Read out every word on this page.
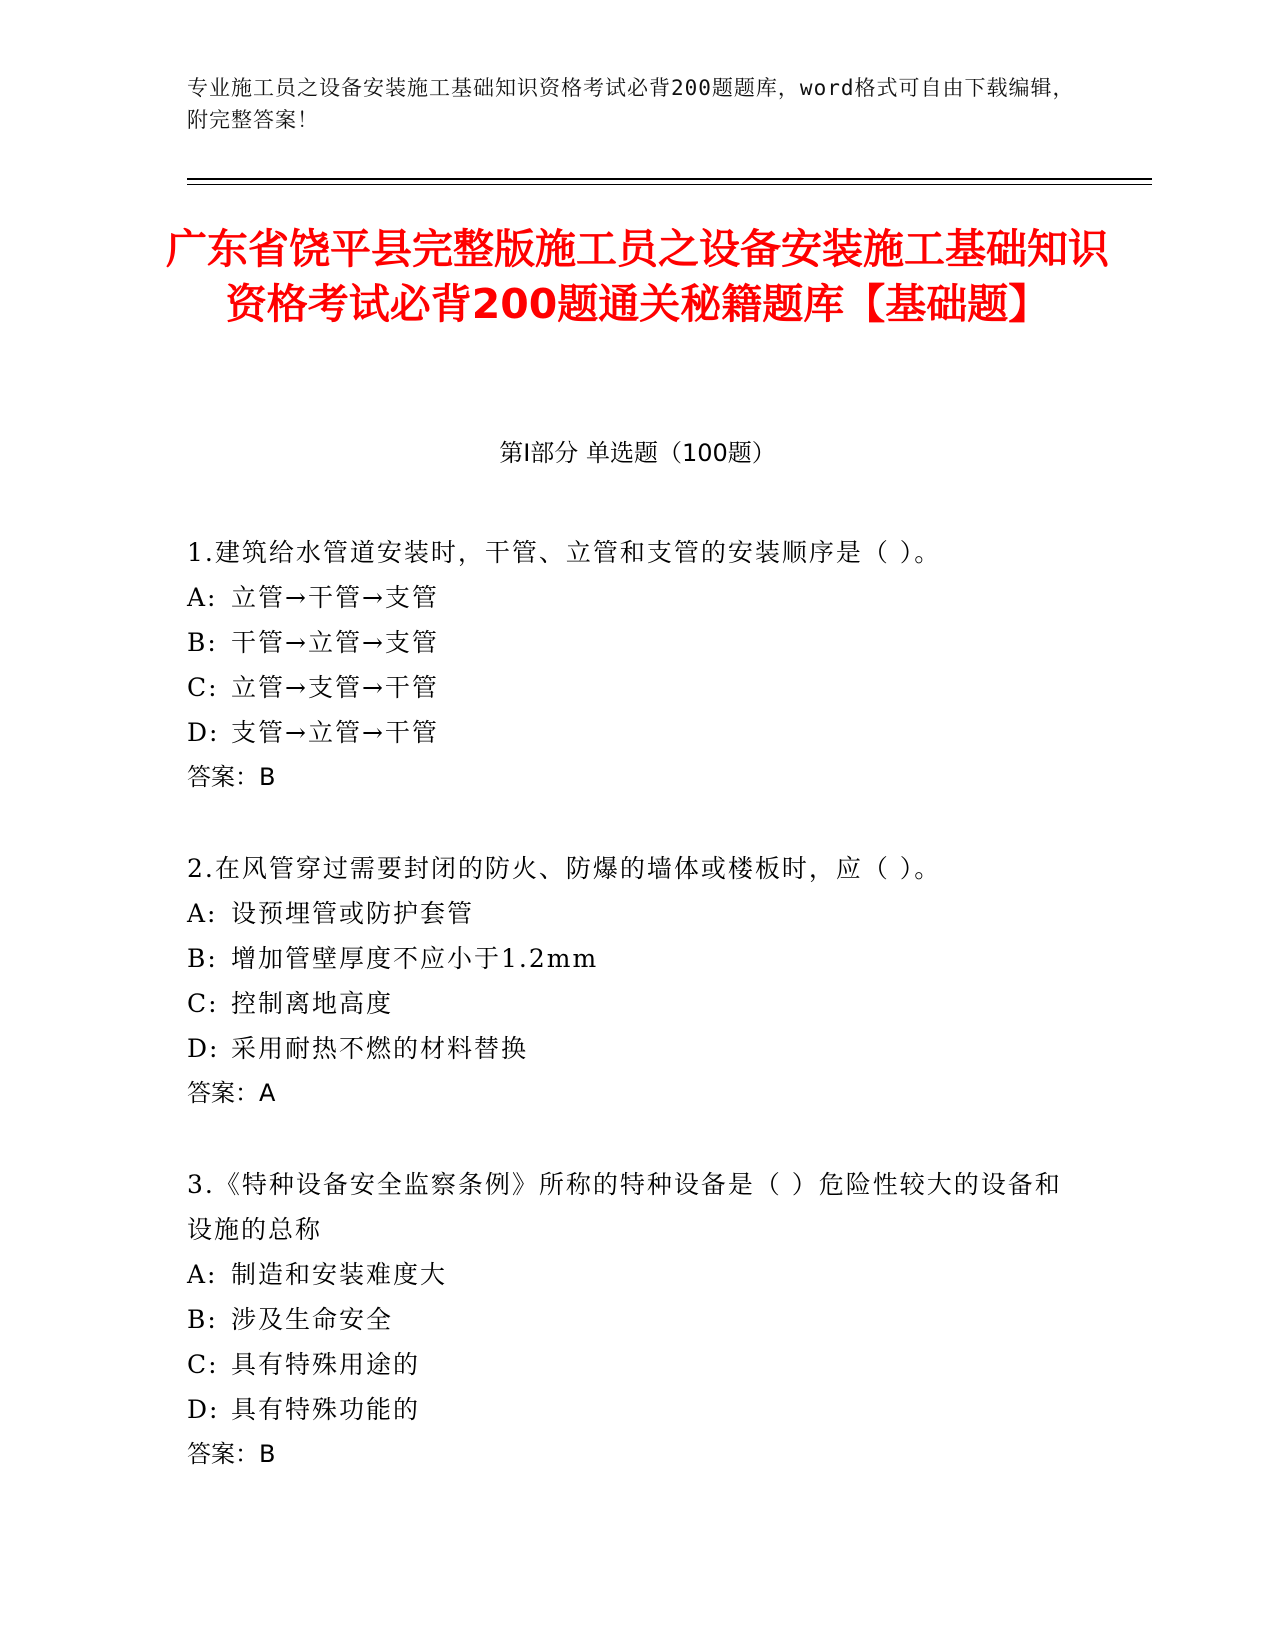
专业施工员之设备安装施工基础知识资格考试必背200题题库，word格式可自由下载编辑，附完整答案！
广东省饶平县完整版施工员之设备安装施工基础知识资格考试必背200题通关秘籍题库【基础题】
第Ⅰ部分 单选题（100题）
1.建筑给水管道安装时，干管、立管和支管的安装顺序是（ ）。
A: 立管→干管→支管
B: 干管→立管→支管
C: 立管→支管→干管
D: 支管→立管→干管
答案：B
2.在风管穿过需要封闭的防火、防爆的墙体或楼板时，应（ ）。
A: 设预埋管或防护套管
B: 增加管壁厚度不应小于1.2mm
C: 控制离地高度
D: 采用耐热不燃的材料替换
答案：A
3.《特种设备安全监察条例》所称的特种设备是（ ）危险性较大的设备和设施的总称
A: 制造和安装难度大
B: 涉及生命安全
C: 具有特殊用途的
D: 具有特殊功能的
答案：B
